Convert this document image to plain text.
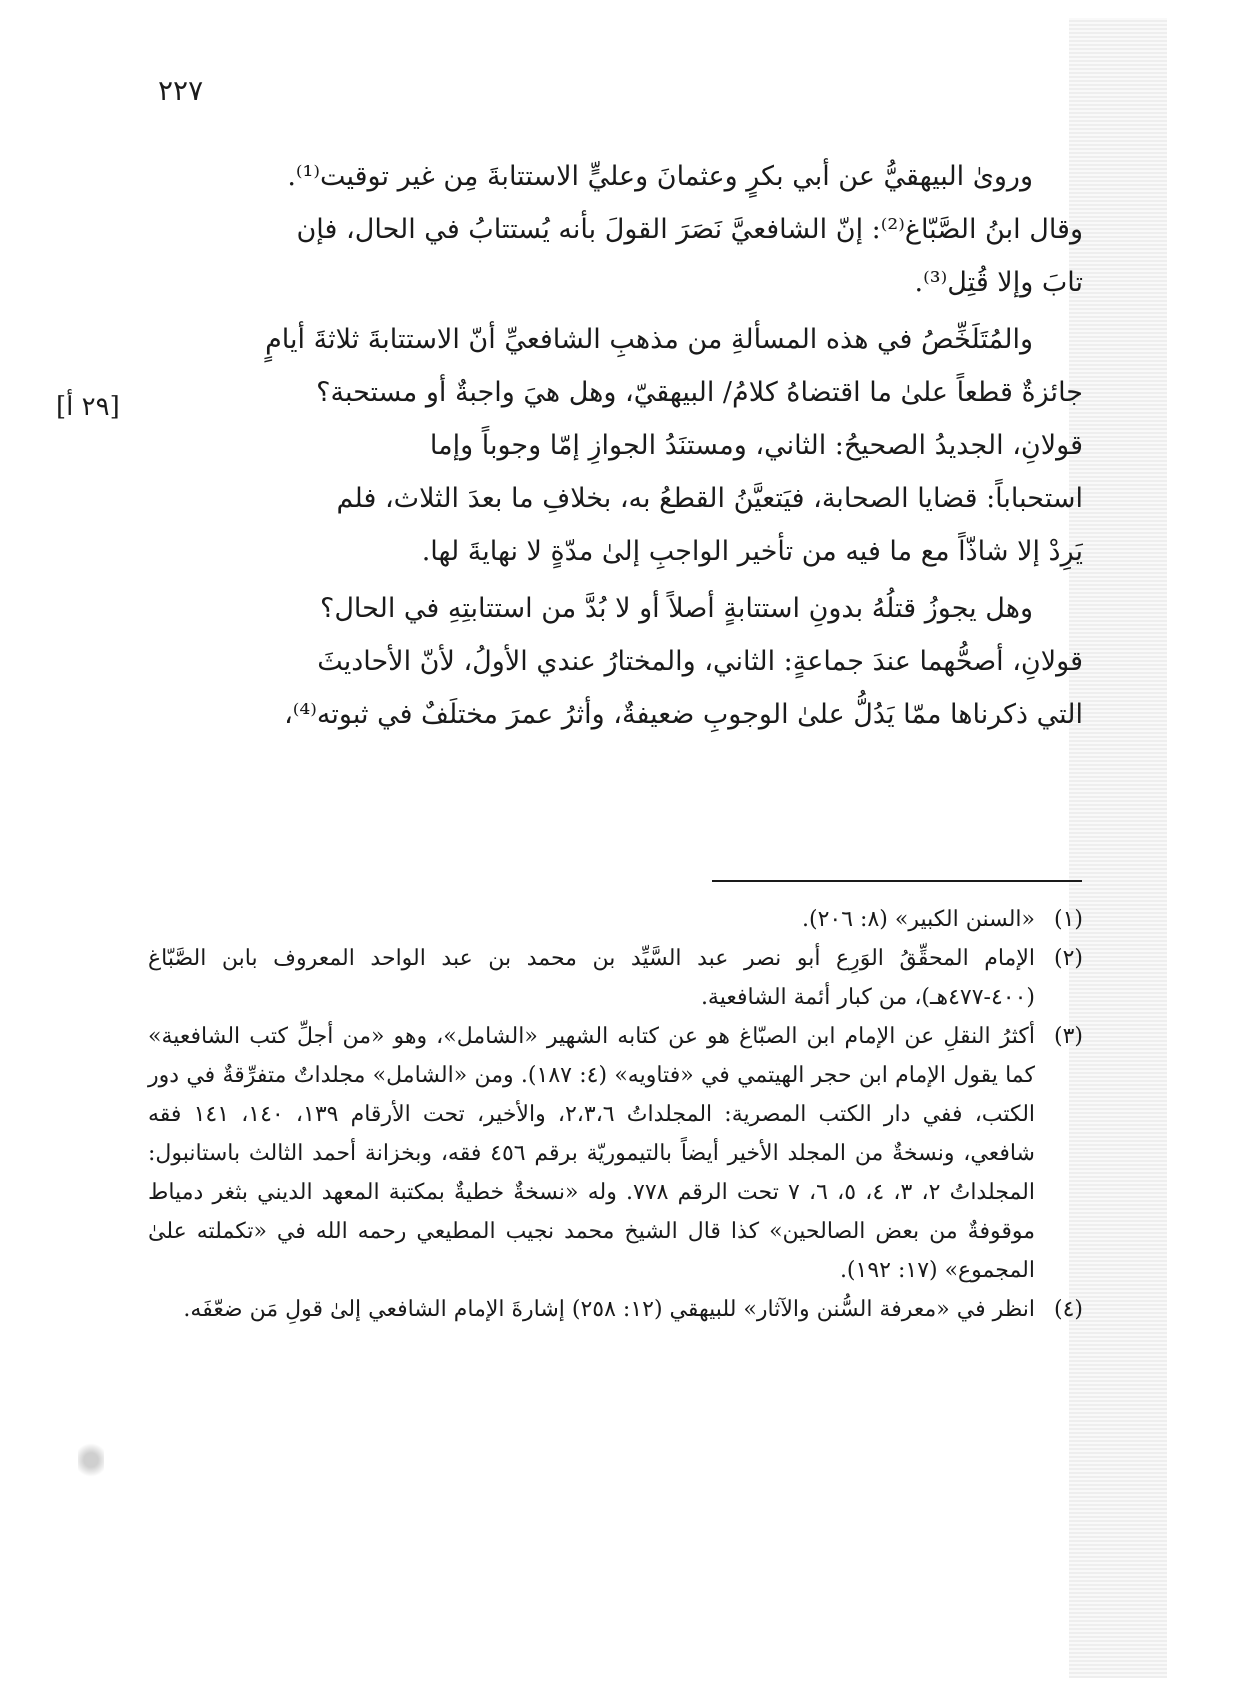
٢٢٧
[٢٩ أ]

وروىٰ البيهقيُّ عن أبي بكرٍ وعثمانَ وعليٍّ الاستتابةَ مِن غير توقيت⁽¹⁾.
وقال ابنُ الصَّبّاغ⁽²⁾: إنّ الشافعيَّ نَصَرَ القولَ بأنه يُستتابُ في الحال، فإن
تابَ وإلا قُتِل⁽³⁾.

والمُتَلَخِّصُ في هذه المسألةِ من مذهبِ الشافعيِّ أنّ الاستتابةَ ثلاثةَ أيامٍ
جائزةٌ قطعاً علىٰ ما اقتضاهُ كلامُ/ البيهقيّ، وهل هيَ واجبةٌ أو مستحبة؟
قولانِ، الجديدُ الصحيحُ: الثاني، ومستنَدُ الجوازِ إمّا وجوباً وإما
استحباباً: قضايا الصحابة، فيَتعيَّنُ القطعُ به، بخلافِ ما بعدَ الثلاث، فلم
يَرِدْ إلا شاذّاً مع ما فيه من تأخير الواجبِ إلىٰ مدّةٍ لا نهايةَ لها.

وهل يجوزُ قتلُهُ بدونِ استتابةٍ أصلاً أو لا بُدَّ من استتابتِهِ في الحال؟
قولانِ، أصحُّهما عندَ جماعةٍ: الثاني، والمختارُ عندي الأولُ، لأنّ الأحاديثَ
التي ذكرناها ممّا يَدُلُّ علىٰ الوجوبِ ضعيفةٌ، وأثرُ عمرَ مختلَفٌ في ثبوته⁽⁴⁾،

(١)
«السنن الكبير» (٨: ٢٠٦).

(٢)
الإمام المحقِّقُ الوَرِع أبو نصر عبد السَّيِّد بن محمد بن عبد الواحد المعروف بابن الصَّبّاغ (٤٠٠-٤٧٧هـ)، من كبار أئمة الشافعية.

(٣)
أكثرُ النقلِ عن الإمام ابن الصبّاغ هو عن كتابه الشهير «الشامل»، وهو «من أجلِّ كتب الشافعية» كما يقول الإمام ابن حجر الهيتمي في «فتاويه» (٤: ١٨٧). ومن «الشامل» مجلداتٌ متفرِّقةٌ في دور الكتب، ففي دار الكتب المصرية: المجلداتُ ٢،٣،٦، والأخير، تحت الأرقام ١٣٩، ١٤٠، ١٤١ فقه شافعي، ونسخةٌ من المجلد الأخير أيضاً بالتيموريّة برقم ٤٥٦ فقه، وبخزانة أحمد الثالث باستانبول: المجلداتُ ٢، ٣، ٤، ٥، ٦، ٧ تحت الرقم ٧٧٨. وله «نسخةٌ خطيةٌ بمكتبة المعهد الديني بثغر دمياط موقوفةٌ من بعض الصالحين» كذا قال الشيخ محمد نجيب المطيعي رحمه الله في «تكملته علىٰ المجموع» (١٧: ١٩٢).

(٤)
انظر في «معرفة السُّنن والآثار» للبيهقي (١٢: ٢٥٨) إشارةَ الإمام الشافعي إلىٰ قولِ مَن ضعّفَه.
